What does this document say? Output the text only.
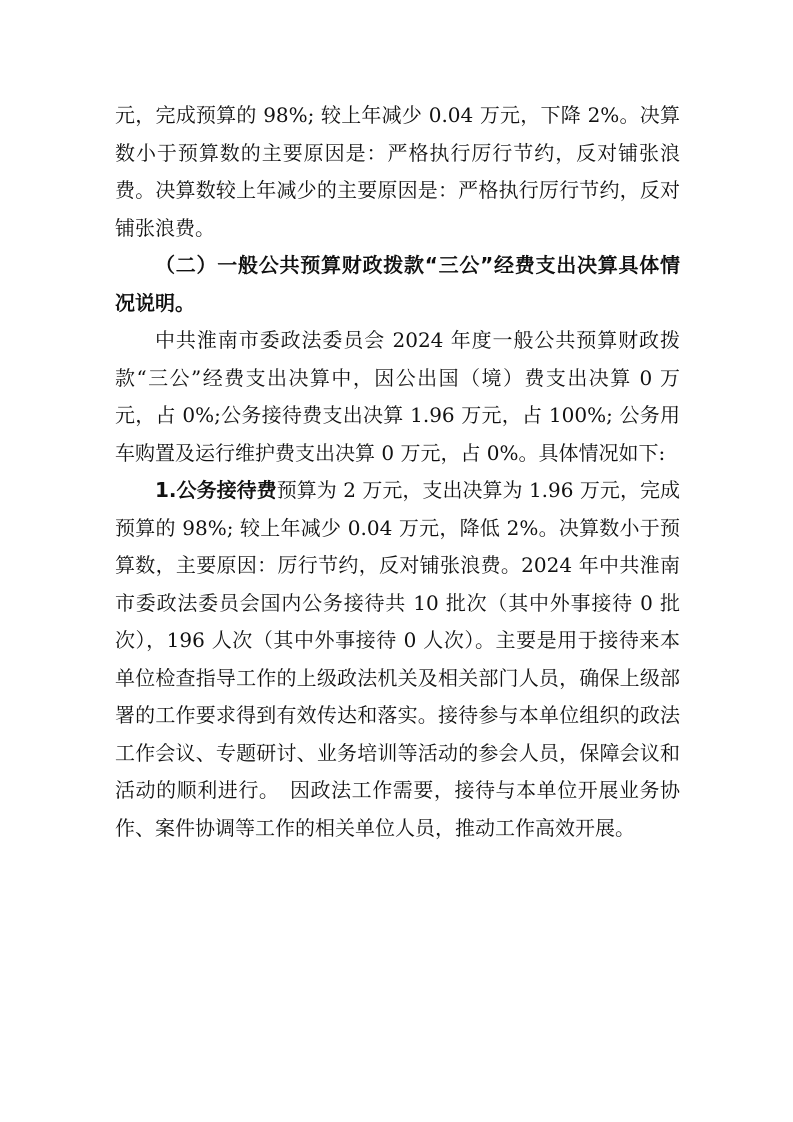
元，完成预算的 98%; 较上年减少 0.04 万元，下降 2%。决算数小于预算数的主要原因是：严格执行厉行节约，反对铺张浪费。决算数较上年减少的主要原因是：严格执行厉行节约，反对铺张浪费。

（二）一般公共预算财政拨款“三公”经费支出决算具体情况说明。

中共淮南市委政法委员会 2024 年度一般公共预算财政拨款“三公”经费支出决算中，因公出国（境）费支出决算 0 万元，占 0%;公务接待费支出决算 1.96 万元，占 100%; 公务用车购置及运行维护费支出决算 0 万元，占 0%。具体情况如下:

1.公务接待费预算为 2 万元，支出决算为 1.96 万元，完成预算的 98%; 较上年减少 0.04 万元，降低 2%。决算数小于预算数，主要原因：厉行节约，反对铺张浪费。2024 年中共淮南市委政法委员会国内公务接待共 10 批次（其中外事接待 0 批次），196 人次（其中外事接待 0 人次）。主要是用于接待来本单位检查指导工作的上级政法机关及相关部门人员，确保上级部署的工作要求得到有效传达和落实。接待参与本单位组织的政法工作会议、专题研讨、业务培训等活动的参会人员，保障会议和活动的顺利进行。　因政法工作需要，接待与本单位开展业务协作、案件协调等工作的相关单位人员，推动工作高效开展。
